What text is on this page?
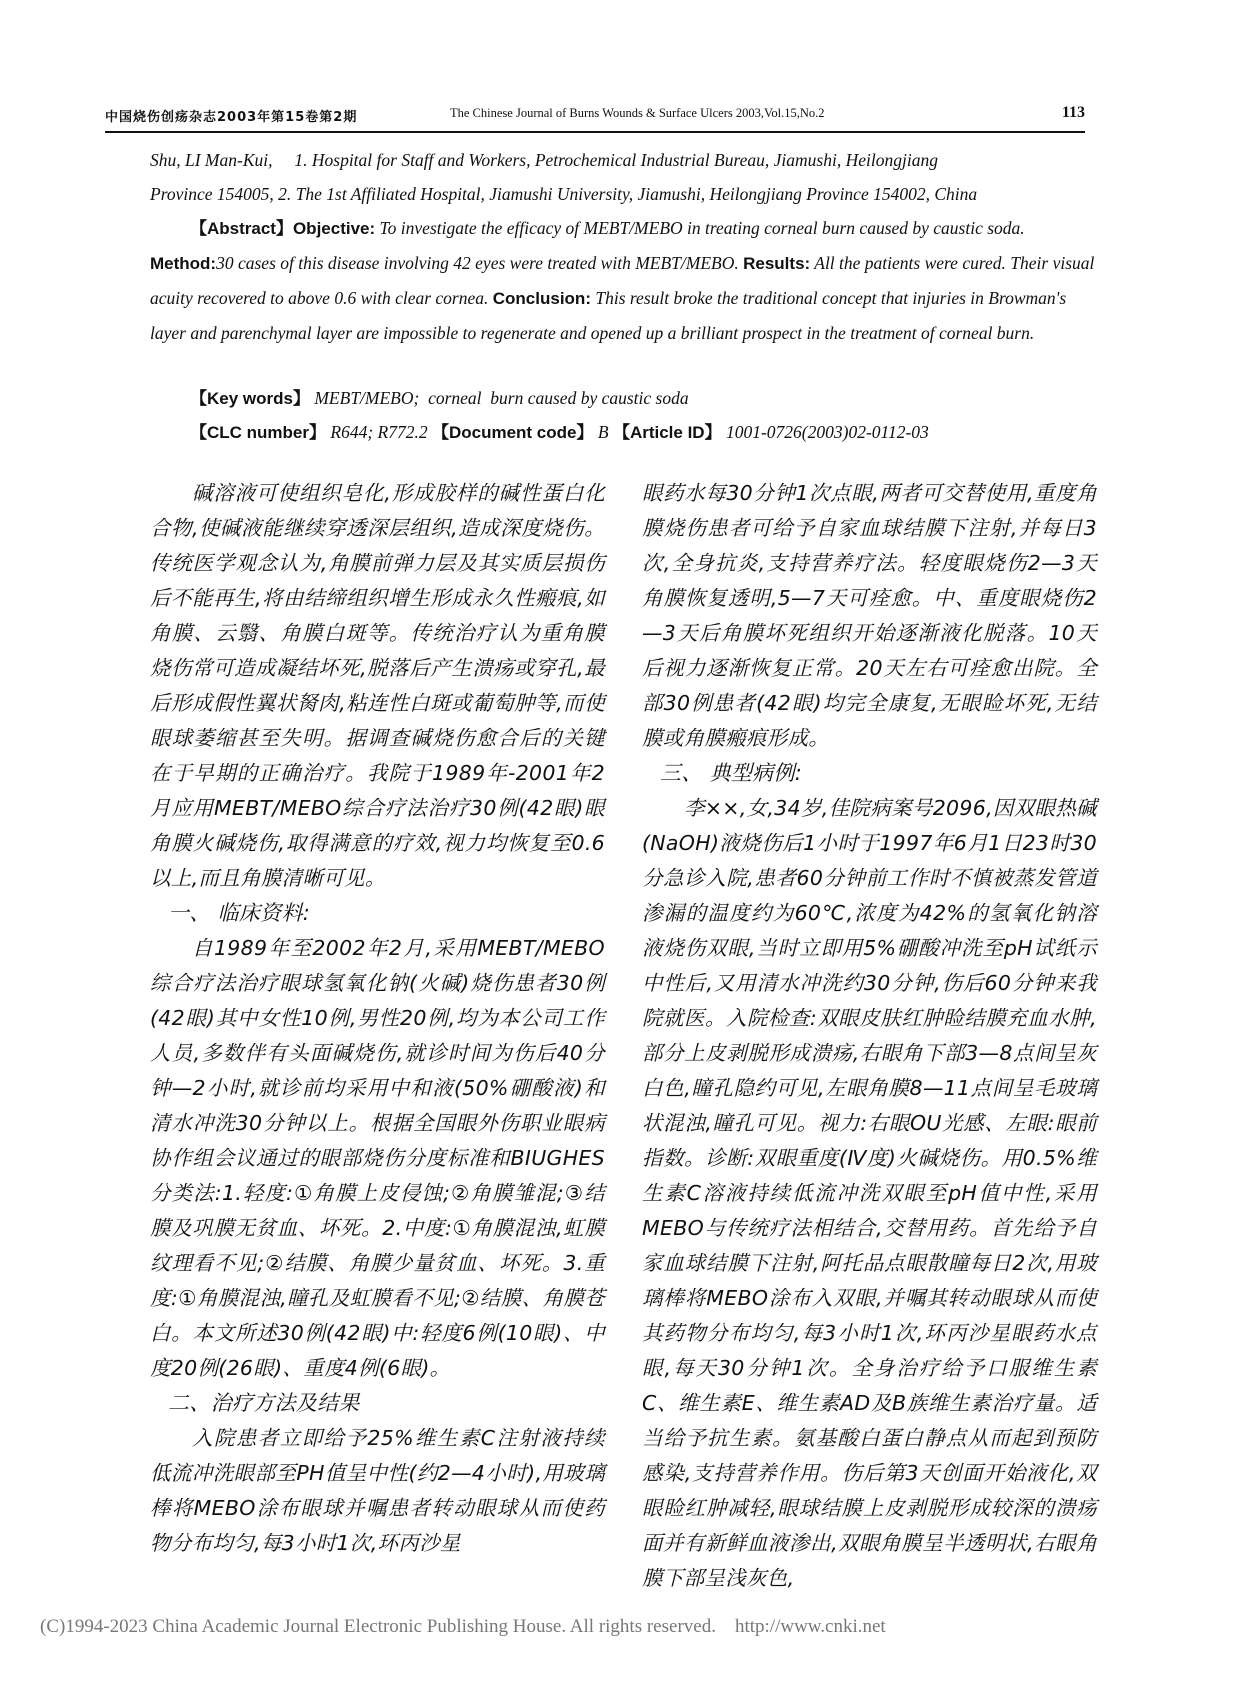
中国烧伤创疡杂志2003年第15卷第2期	The Chinese Journal of Burns Wounds & Surface Ulcers 2003,Vol.15,No.2	113
Shu, LI Man-Kui,     1. Hospital for Staff and Workers, Petrochemical Industrial Bureau, Jiamushi, Heilongjiang
Province 154005, 2. The 1st Affiliated Hospital, Jiamushi University, Jiamushi, Heilongjiang Province 154002, China
【Abstract】Objective: To investigate the efficacy of MEBT/MEBO in treating corneal burn caused by caustic soda. Method:30 cases of this disease involving 42 eyes were treated with MEBT/MEBO. Results: All the patients were cured. Their visual acuity recovered to above 0.6 with clear cornea. Conclusion: This result broke the traditional concept that injuries in Browman's layer and parenchymal layer are impossible to regenerate and opened up a brilliant prospect in the treatment of corneal burn.
【Key words】 MEBT/MEBO;  corneal  burn caused by caustic soda
【CLC number】 R644; R772.2 【Document code】 B 【Article ID】 1001-0726(2003)02-0112-03

碱溶液可使组织皂化,形成胶样的碱性蛋白化合物,使碱液能继续穿透深层组织,造成深度烧伤。传统医学观念认为,角膜前弹力层及其实质层损伤后不能再生,将由结缔组织增生形成永久性瘢痕,如角膜、云翳、角膜白斑等。传统治疗认为重角膜烧伤常可造成凝结坏死,脱落后产生溃疡或穿孔,最后形成假性翼状胬肉,粘连性白斑或葡萄肿等,而使眼球萎缩甚至失明。据调查碱烧伤愈合后的关键在于早期的正确治疗。我院于1989年-2001年2月应用MEBT/MEBO综合疗法治疗30例(42眼)眼角膜火碱烧伤,取得满意的疗效,视力均恢复至0.6以上,而且角膜清晰可见。

一、 临床资料:

自1989年至2002年2月,采用MEBT/MEBO综合疗法治疗眼球氢氧化钠(火碱)烧伤患者30例(42眼)其中女性10例,男性20例,均为本公司工作人员,多数伴有头面碱烧伤,就诊时间为伤后40分钟—2小时,就诊前均采用中和液(50%硼酸液)和清水冲洗30分钟以上。根据全国眼外伤职业眼病协作组会议通过的眼部烧伤分度标准和BIUGHES分类法:1.轻度:①角膜上皮侵蚀;②角膜雏混;③结膜及巩膜无贫血、坏死。2.中度:①角膜混浊,虹膜纹理看不见;②结膜、角膜少量贫血、坏死。3.重度:①角膜混浊,瞳孔及虹膜看不见;②结膜、角膜苍白。本文所述30例(42眼)中:轻度6例(10眼)、中度20例(26眼)、重度4例(6眼)。

二、治疗方法及结果

入院患者立即给予25%维生素C注射液持续低流冲洗眼部至PH值呈中性(约2—4小时),用玻璃棒将MEBO涂布眼球并嘱患者转动眼球从而使药物分布均匀,每3小时1次,环丙沙星

眼药水每30分钟1次点眼,两者可交替使用,重度角膜烧伤患者可给予自家血球结膜下注射,并每日3次,全身抗炎,支持营养疗法。轻度眼烧伤2—3天角膜恢复透明,5—7天可痊愈。中、重度眼烧伤2—3天后角膜坏死组织开始逐渐液化脱落。10天后视力逐渐恢复正常。20天左右可痊愈出院。全部30例患者(42眼)均完全康复,无眼睑坏死,无结膜或角膜瘢痕形成。

三、 典型病例:

李××,女,34岁,佳院病案号2096,因双眼热碱(NaOH)液烧伤后1小时于1997年6月1日23时30分急诊入院,患者60分钟前工作时不慎被蒸发管道渗漏的温度约为60℃,浓度为42%的氢氧化钠溶液烧伤双眼,当时立即用5%硼酸冲洗至pH试纸示中性后,又用清水冲洗约30分钟,伤后60分钟来我院就医。入院检查:双眼皮肤红肿睑结膜充血水肿,部分上皮剥脱形成溃疡,右眼角下部3—8点间呈灰白色,瞳孔隐约可见,左眼角膜8—11点间呈毛玻璃状混浊,瞳孔可见。视力:右眼OU光感、左眼:眼前指数。诊断:双眼重度(Ⅳ度)火碱烧伤。用0.5%维生素C溶液持续低流冲洗双眼至pH值中性,采用MEBO与传统疗法相结合,交替用药。首先给予自家血球结膜下注射,阿托品点眼散瞳每日2次,用玻璃棒将MEBO涂布入双眼,并嘱其转动眼球从而使其药物分布均匀,每3小时1次,环丙沙星眼药水点眼,每天30分钟1次。全身治疗给予口服维生素C、维生素E、维生素AD及B族维生素治疗量。适当给予抗生素。氨基酸白蛋白静点从而起到预防感染,支持营养作用。伤后第3天创面开始液化,双眼睑红肿减轻,眼球结膜上皮剥脱形成较深的溃疡面并有新鲜血液渗出,双眼角膜呈半透明状,右眼角膜下部呈浅灰色,

(C)1994-2023 China Academic Journal Electronic Publishing House. All rights reserved.    http://www.cnki.net
